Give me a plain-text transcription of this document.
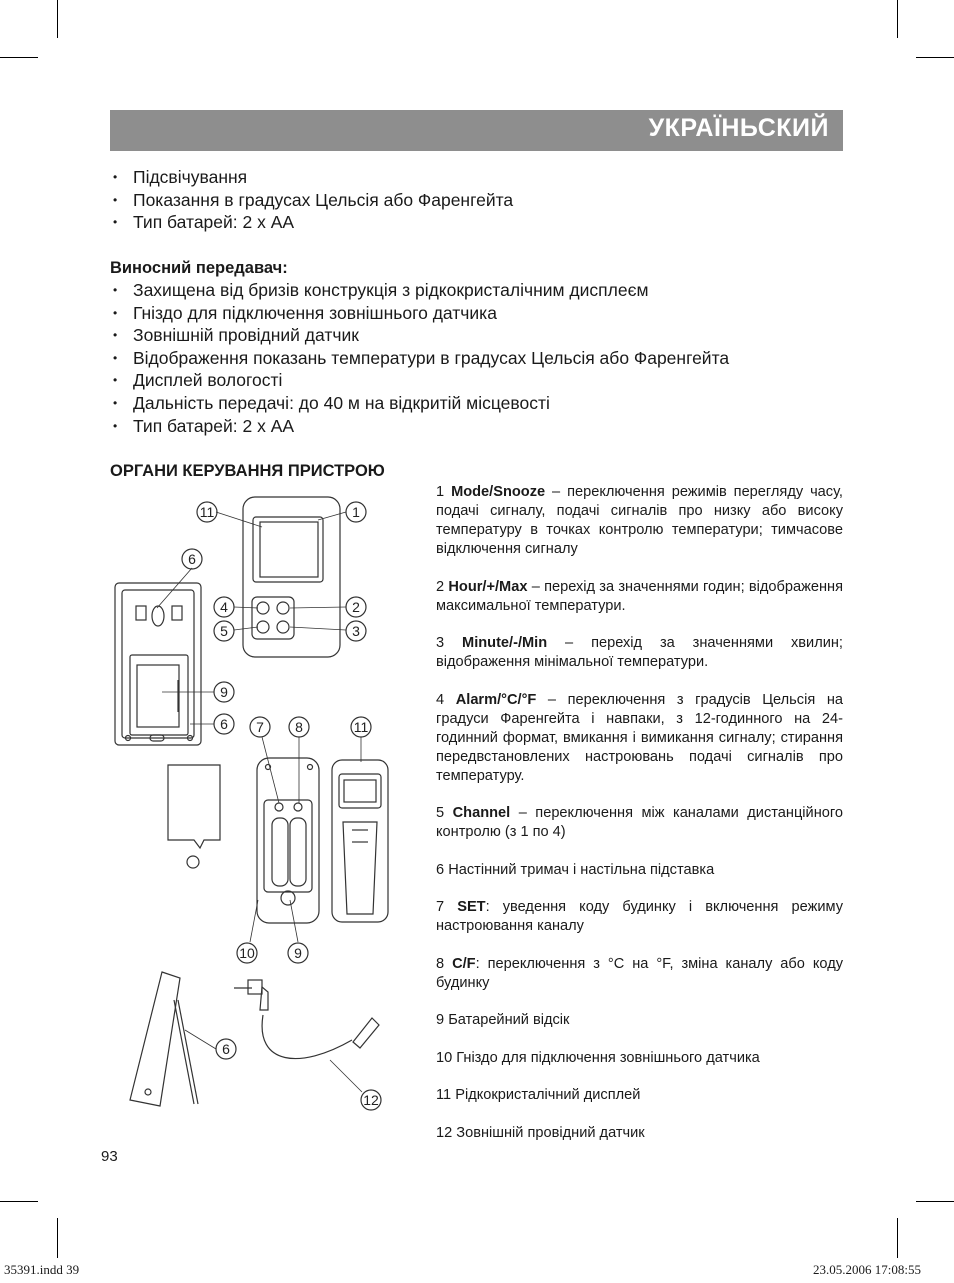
УКРАЇНЬСКИЙ
• Підсвічування
• Показання в градусах Цельсія або Фаренгейта
• Тип батарей: 2 х АА
Виносний передавач:
• Захищена від бризів конструкція з рідкокристалічним дисплеєм
• Гніздо для підключення зовнішнього датчика
• Зовнішній провідний датчик
• Відображення показань температури в градусах Цельсія або Фаренгейта
• Дисплей вологості
• Дальність передачі: до 40 м на відкритій місцевості
• Тип батарей: 2 х АА
ОРГАНИ КЕРУВАННЯ ПРИСТРОЮ

1 Mode/Snooze – переключення режимів перегляду часу, подачі сигналу, подачі сигналів про низку або високу температуру в точках контролю температури; тимчасове відключення сигналу

2 Hour/+/Max – перехід за значеннями годин; відображення максимальної температури.

3 Minute/-/Min – перехід за значеннями хвилин; відображення мінімальної температури.

4 Alarm/°C/°F – переключення з градусів Цельсія на градуси Фаренгейта і навпаки, з 12-годинного на 24-годинний формат, вмикання і вимикання сигналу; стирання передвстановлених настроювань подачі сигналів про температуру.

5 Channel – переключення між каналами дистанційного контролю (з 1 по 4)

6 Настінний тримач і настільна підставка

7 SET: уведення коду будинку і включення режиму настроювання каналу

8 C/F: переключення з °С на °F, зміна каналу або коду будинку

9 Батарейний відсік

10 Гніздо для підключення зовнішнього датчика

11 Рідкокристалічний дисплей

12 Зовнішній провідний датчик

11	1
6
4	2
5	3
9
6 7 8	11
10	9
6
12
93
35391.indd 39	23.05.2006 17:08:55
